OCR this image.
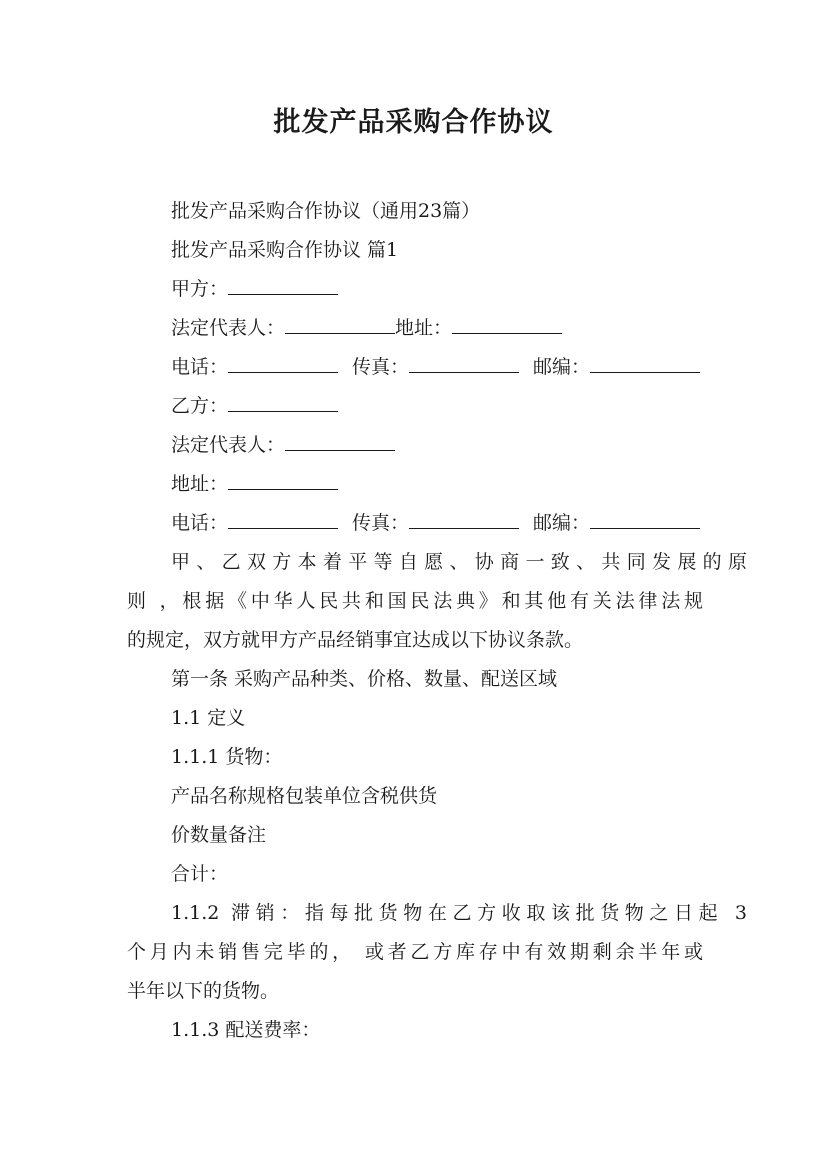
批发产品采购合作协议
批发产品采购合作协议（通用23篇）
批发产品采购合作协议 篇1
甲方：
法定代表人：	地址：
电话：	传真：	邮编：
乙方：
法定代表人：
地址：
电话：	传真：	邮编：
甲、乙双方本着平等自愿、协商一致、共同发展的原
则 ，根据《中华人民共和国民法典》和其他有关法律法规
的规定，双方就甲方产品经销事宜达成以下协议条款。
第一条 采购产品种类、价格、数量、配送区域
1.1 定义
1.1.1 货物：
产品名称规格包装单位含税供货
价数量备注
合计：
1.1.2 滞销：指每批货物在乙方收取该批货物之日起 3
个月内未销售完毕的， 或者乙方库存中有效期剩余半年或
半年以下的货物。
1.1.3 配送费率：
